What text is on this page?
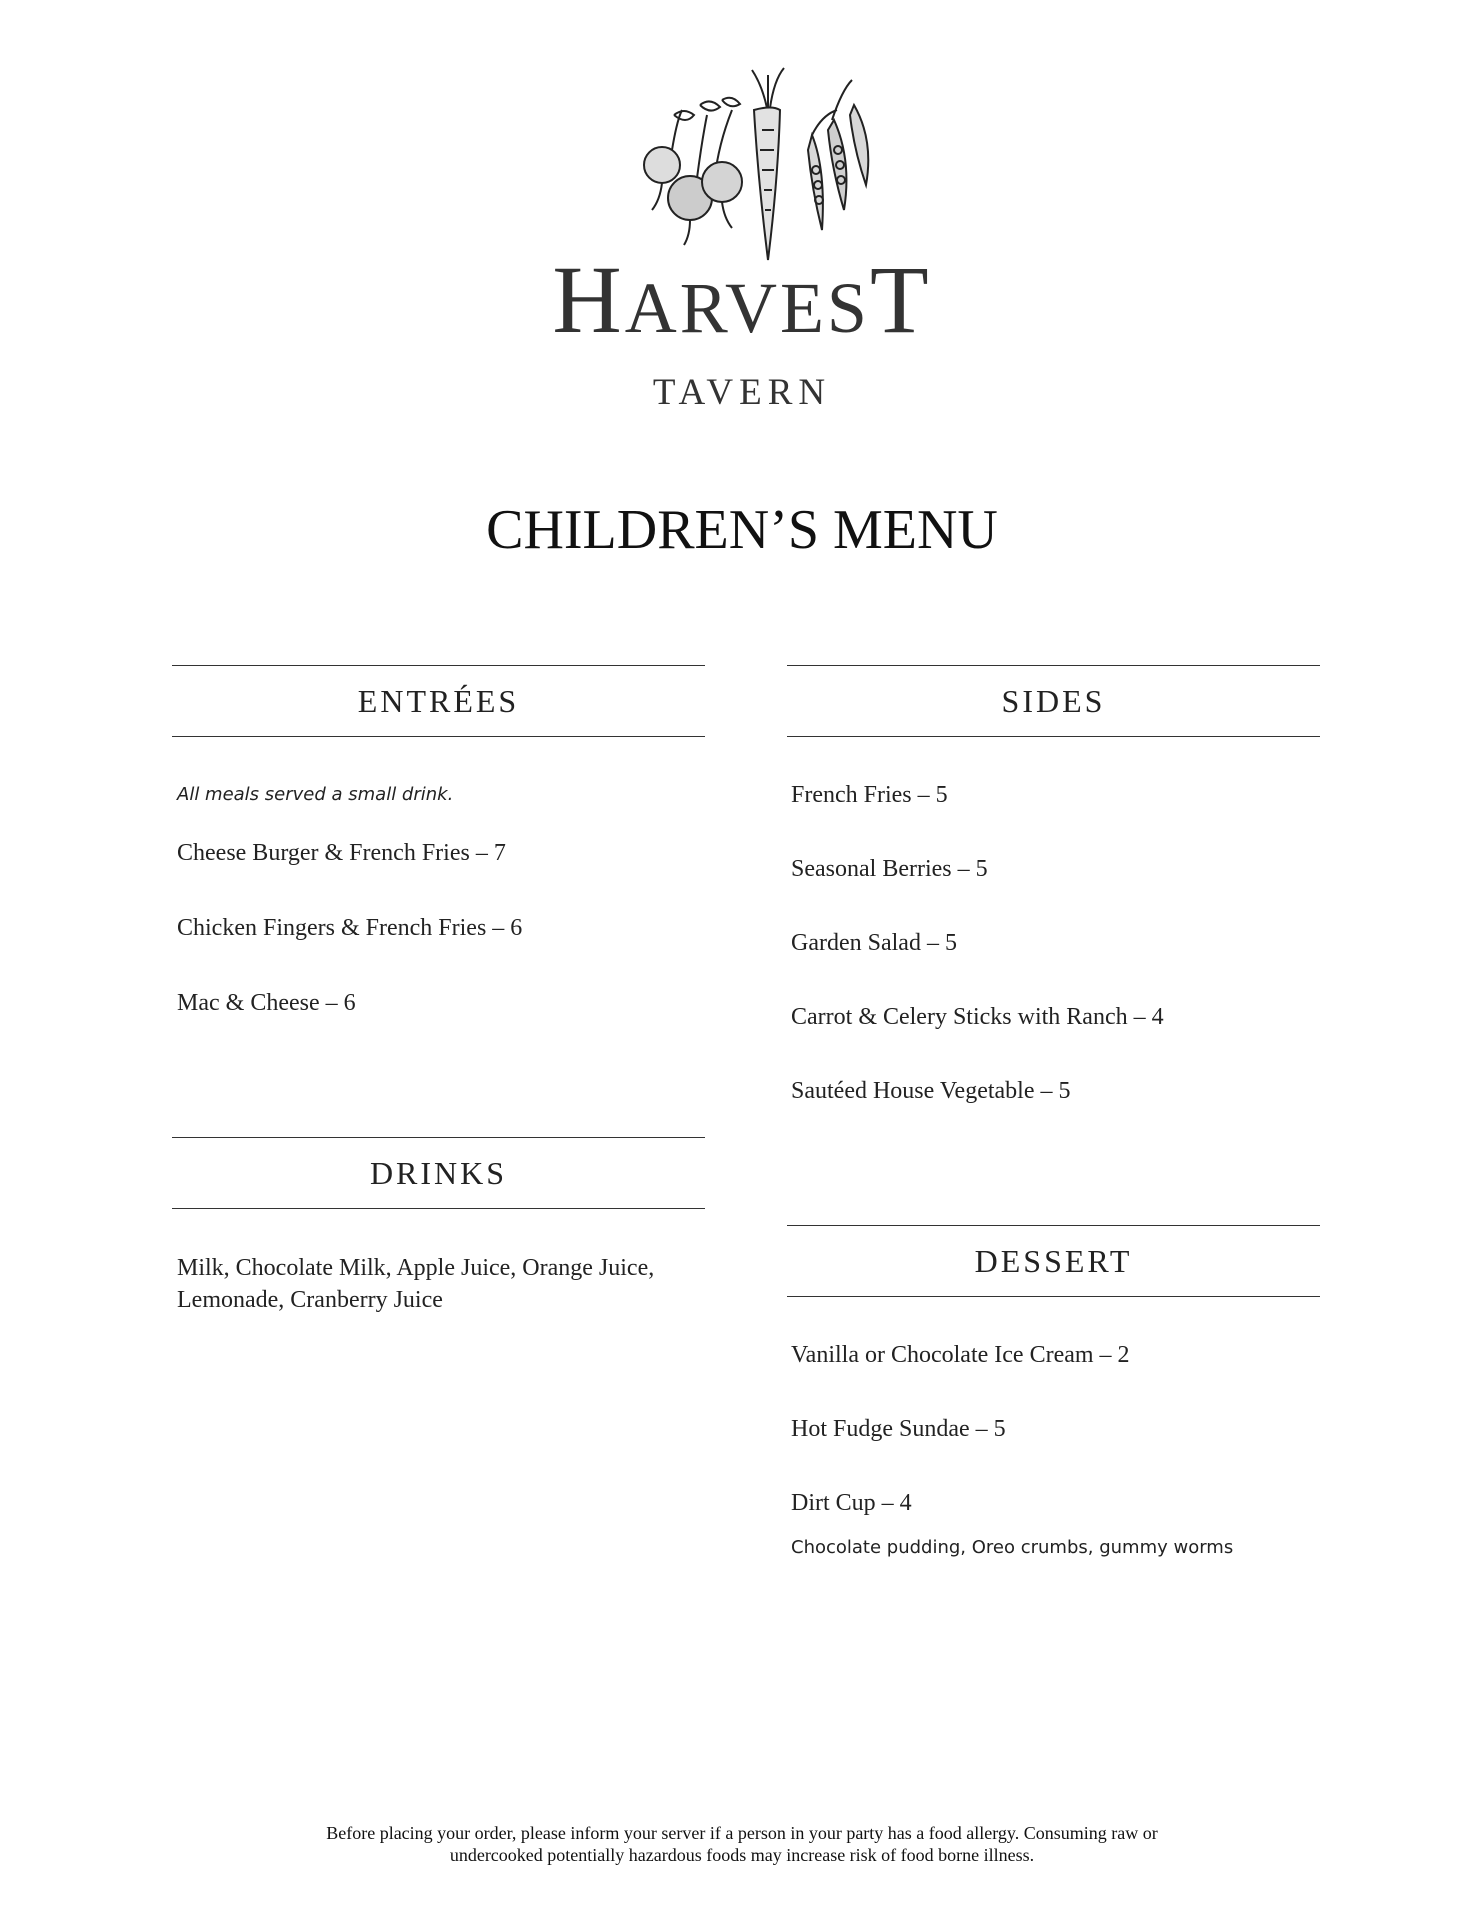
HARVEST
TAVERN
CHILDREN’S MENU
ENTRÉES
All meals served a small drink.
Cheese Burger & French Fries – 7
Chicken Fingers & French Fries – 6
Mac & Cheese – 6
DRINKS
Milk, Chocolate Milk, Apple Juice, Orange Juice, Lemonade, Cranberry Juice
SIDES
French Fries – 5
Seasonal Berries – 5
Garden Salad – 5
Carrot & Celery Sticks with Ranch – 4
Sautéed House Vegetable – 5
DESSERT
Vanilla or Chocolate Ice Cream – 2
Hot Fudge Sundae – 5
Dirt Cup – 4
Chocolate pudding, Oreo crumbs, gummy worms
Before placing your order, please inform your server if a person in your party has a food allergy. Consuming raw or
undercooked potentially hazardous foods may increase risk of food borne illness.
